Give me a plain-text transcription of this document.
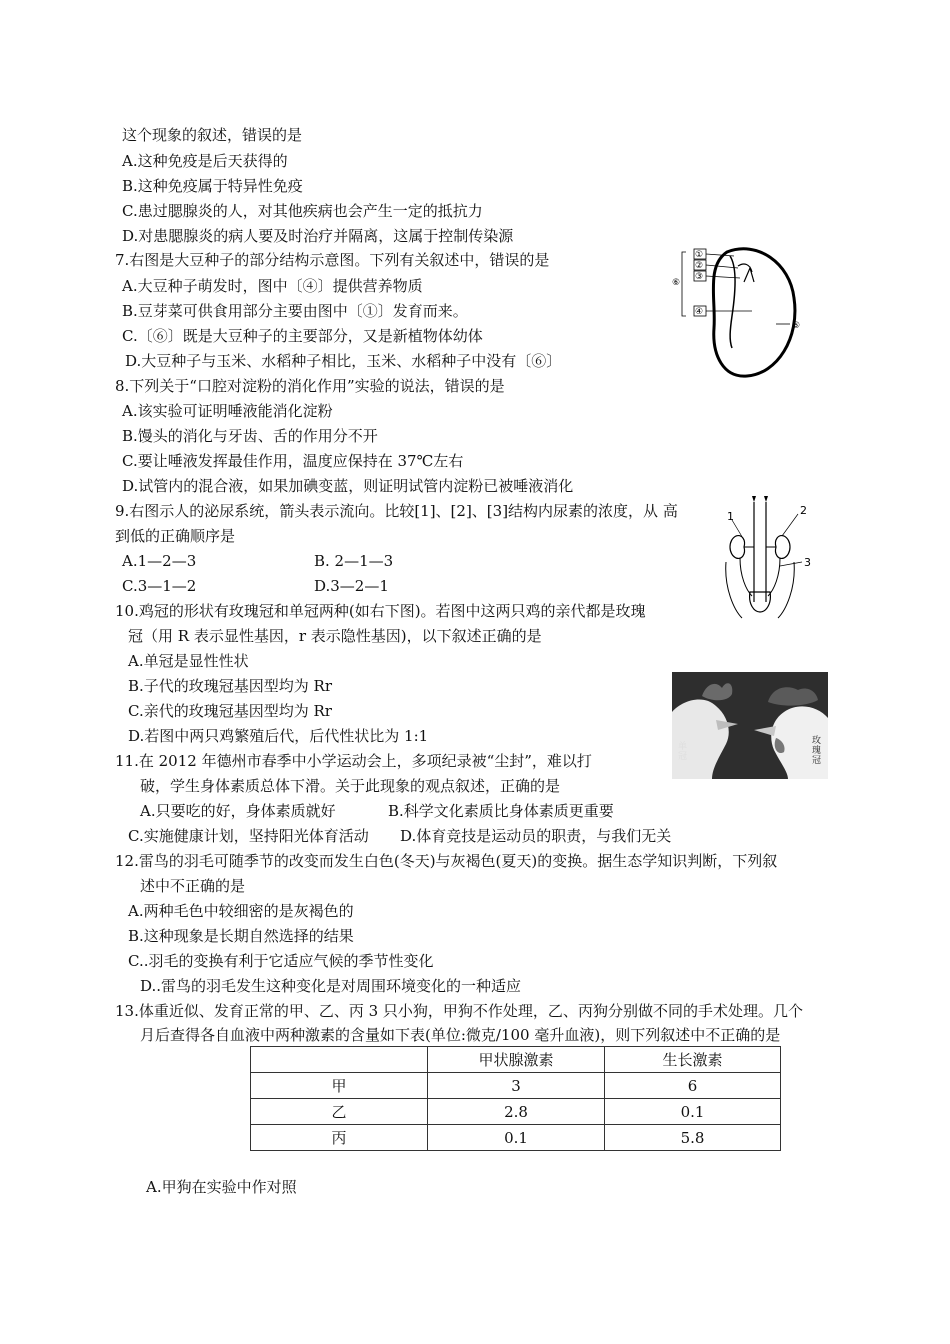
这个现象的叙述，错误的是
A.这种免疫是后天获得的
B.这种免疫属于特异性免疫
C.患过腮腺炎的人，对其他疾病也会产生一定的抵抗力
D.对患腮腺炎的病人要及时治疗并隔离，这属于控制传染源
7.右图是大豆种子的部分结构示意图。下列有关叙述中，错误的是
A.大豆种子萌发时，图中〔④〕提供营养物质
B.豆芽菜可供食用部分主要由图中〔①〕发育而来。
C.〔⑥〕既是大豆种子的主要部分，又是新植物体幼体
D.大豆种子与玉米、水稻种子相比，玉米、水稻种子中没有〔⑥〕
①
②
③
④
⑤
⑥
8.下列关于“口腔对淀粉的消化作用”实验的说法，错误的是
A.该实验可证明唾液能消化淀粉
B.馒头的消化与牙齿、舌的作用分不开
C.要让唾液发挥最佳作用，温度应保持在 37℃左右
D.试管内的混合液，如果加碘变蓝，则证明试管内淀粉已被唾液消化
9.右图示人的泌尿系统，箭头表示流向。比较[1]、[2]、[3]结构内尿素的浓度，从 高
到低的正确顺序是
A.1—2—3	B. 2—1—3
C.3—1—2	D.3—2—1
1	2
3
10.鸡冠的形状有玫瑰冠和单冠两种(如右下图)。若图中这两只鸡的亲代都是玫瑰
冠（用 R 表示显性基因，r 表示隐性基因)，以下叙述正确的是
A.单冠是显性性状
B.子代的玫瑰冠基因型均为 Rr
C.亲代的玫瑰冠基因型均为 Rr
D.若图中两只鸡繁殖后代，后代性状比为 1:1
单冠
玫瑰冠
11.在 2012 年德州市春季中小学运动会上，多项纪录被“尘封”，难以打
破，学生身体素质总体下滑。关于此现象的观点叙述，正确的是
A.只要吃的好，身体素质就好	B.科学文化素质比身体素质更重要
C.实施健康计划，坚持阳光体育活动 D.体育竞技是运动员的职责，与我们无关
12.雷鸟的羽毛可随季节的改变而发生白色(冬天)与灰褐色(夏天)的变换。据生态学知识判断，下列叙
述中不正确的是
A.两种毛色中较细密的是灰褐色的
B.这种现象是长期自然选择的结果
C..羽毛的变换有利于它适应气候的季节性变化
D..雷鸟的羽毛发生这种变化是对周围环境变化的一种适应
13.体重近似、发育正常的甲、乙、丙 3 只小狗，甲狗不作处理，乙、丙狗分别做不同的手术处理。几个
月后查得各自血液中两种激素的含量如下表(单位:微克/100 毫升血液)，则下列叙述中不正确的是
	甲状腺激素	生长激素
甲	3	6
乙	2.8	0.1
丙	0.1	5.8
A.甲狗在实验中作对照
